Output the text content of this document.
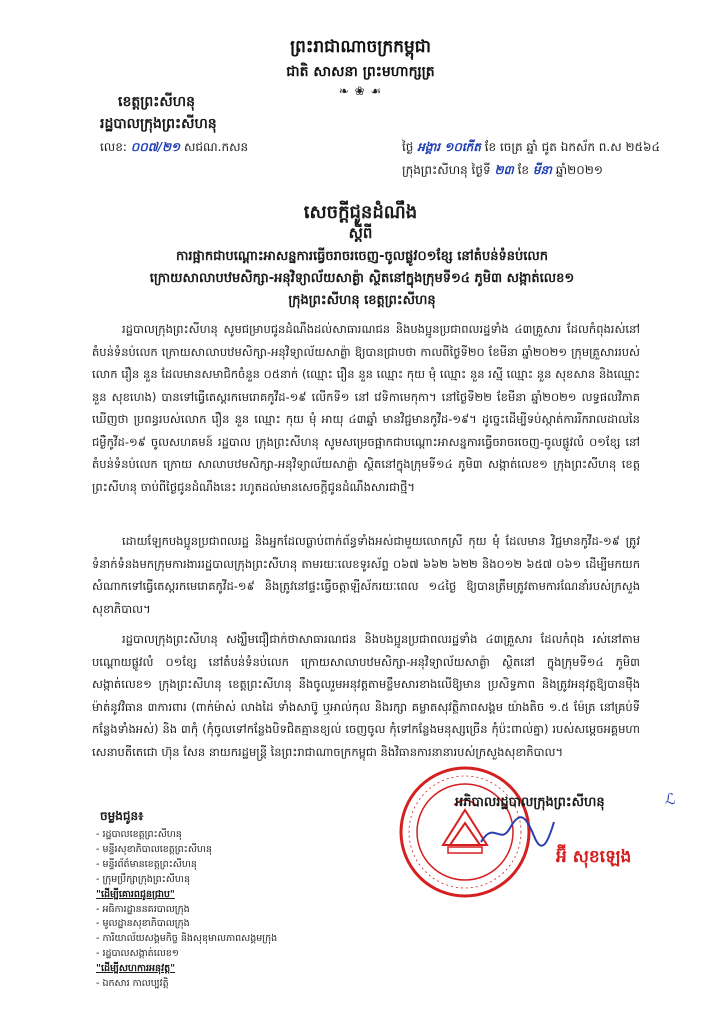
ព្រះរាជាណាចក្រកម្ពុជា
ជាតិ សាសនា ព្រះមហាក្សត្រ
❧ ❀ ☙
ខេត្តព្រះសីហនុ
រដ្ឋបាលក្រុងព្រះសីហនុ
លេខ: ០០៧/២១ សជណ.កសន	ថ្ងៃ អង្គារ ១០កើត ខែ ចេត្រ ឆ្នាំ ជូត ឯកស័ក ព.ស ២៥៦៤
ក្រុងព្រះសីហនុ ថ្ងៃទី ២៣ ខែ មីនា ឆ្នាំ២០២១
សេចក្តីជូនដំណឹង
ស្តីពី
ការផ្អាកជាបណ្តោះអាសន្នការធ្វើចរាចរចេញ-ចូលផ្លូវ០១ខ្សែ នៅតំបន់ទំនប់លេក
ក្រោយសាលាបឋមសិក្សា-អនុវិទ្យាល័យសាគ្ង៉ា ស្ថិតនៅក្នុងក្រុមទី១៤ ភូមិ៣ សង្កាត់លេខ១
ក្រុងព្រះសីហនុ ខេត្តព្រះសីហនុ
រដ្ឋបាលក្រុងព្រះសីហនុ សូមជម្រាបជូនដំណឹងដល់សាធារណជន និងបងប្អូនប្រជាពលរដ្ឋទាំង ៤៣គ្រួសារ ដែលកំពុងរស់នៅតំបន់ទំនប់លេក ក្រោយសាលាបឋមសិក្សា-អនុវិទ្យាល័យសាគ្ង៉ា ឱ្យបានជ្រាបថា កាលពីថ្ងៃទី២០ ខែមីនា ឆ្នាំ២០២១ ក្រុមគ្រួសាររបស់លោក រឿន នួន ដែលមានសមាជិកចំនួន ០៥នាក់ (ឈ្មោះ រឿន នួន ឈ្មោះ កុយ មុំ ឈ្មោះ នួន រស្មី ឈ្មោះ នួន សុខសាន និងឈ្មោះ នួន សុខហេង) បានទៅធ្វើតេស្តរកមេរោគកូវីដ-១៩ លើកទី១ នៅ វេទិកាមេកុកា។ នៅថ្ងៃទី២២ ខែមីនា ឆ្នាំ២០២១ លទ្ធផលវិភាគឃើញថា ប្រពន្ធរបស់លោក រឿន នួន ឈ្មោះ កុយ មុំ អាយុ ៤៣ឆ្នាំ មានវិជ្ជមានកូវីដ-១៩។ ដូច្នេះដើម្បីទប់ស្កាត់ការរីករាលដាលនៃជម្ងឺកូវីដ-១៩ ចូលសហគមន៍ រដ្ឋបាល ក្រុងព្រះសីហនុ សូមសម្រេចផ្អាកជាបណ្តោះអាសន្នការធ្វើចរាចរចេញ-ចូលផ្លូវលំ ០១ខ្សែ នៅតំបន់ទំនប់លេក ក្រោយ សាលាបឋមសិក្សា-អនុវិទ្យាល័យសាគ្ង៉ា ស្ថិតនៅក្នុងក្រុមទី១៤ ភូមិ៣ សង្កាត់លេខ១ ក្រុងព្រះសីហនុ ខេត្តព្រះសីហនុ ចាប់ពីថ្ងៃជូនដំណឹងនេះ រហូតដល់មានសេចក្តីជូនដំណឹងសារជាថ្មី។
ដោយឡែកបងប្អូនប្រជាពលរដ្ឋ និងអ្នកដែលធ្លាប់ពាក់ព័ន្ធទាំងអស់ជាមួយលោកស្រី កុយ មុំ ដែលមាន វិជ្ជមានកូវីដ-១៩ ត្រូវទំនាក់ទំនងមកក្រុមការងាររដ្ឋបាលក្រុងព្រះសីហនុ តាមរយៈលេខទូរស័ព្ទ ០៦៧ ៦៦២ ៦២២ និង០១២ ៦៥៧ ០៦១ ដើម្បីមកយកសំណាកទៅធ្វើតេស្តរកមេរោគកូវីដ-១៩ និងត្រូវនៅផ្ទះធ្វើចត្តាឡីស័ករយៈពេល ១៤ថ្ងៃ ឱ្យបានត្រឹមត្រូវតាមការណែនាំរបស់ក្រសួងសុខាភិបាល។
រដ្ឋបាលក្រុងព្រះសីហនុ សង្ឃឹមជឿជាក់ថាសាធារណជន និងបងប្អូនប្រជាពលរដ្ឋទាំង ៤៣គ្រួសារ ដែលកំពុង រស់នៅតាមបណ្តោយផ្លូវលំ ០១ខ្សែ នៅតំបន់ទំនប់លេក ក្រោយសាលាបឋមសិក្សា-អនុវិទ្យាល័យសាគ្ង៉ា ស្ថិតនៅ ក្នុងក្រុមទី១៤ ភូមិ៣ សង្កាត់លេខ១ ក្រុងព្រះសីហនុ ខេត្តព្រះសីហនុ នឹងចូលរួមអនុវត្តតាមខ្លឹមសារខាងលើឱ្យមាន ប្រសិទ្ធភាព និងត្រូវអនុវត្តឱ្យបានម៉ឺងម៉ាត់នូវវិធាន ៣ការពារ (ពាក់ម៉ាស់ លាងដៃ ទាំងសាប៊ូ ឬអាល់កុល និងរក្សា គម្លាតសុវត្ថិភាពសង្គម យ៉ាងតិច ១.៥ ម៉ែត្រ នៅគ្រប់ទីកន្លែងទាំងអស់) និង ៣កុំ (កុំចូលទៅកន្លែងបិទជិតគ្មានខ្យល់ ចេញចូល កុំទៅកន្លែងមនុស្សច្រើន កុំប៉ះពាល់គ្នា) របស់សម្តេចអគ្គមហាសេនាបតីតេជោ ហ៊ុន សែន នាយករដ្ឋមន្ត្រី នៃព្រះរាជាណាចក្រកម្ពុជា និងវិធានការនានារបស់ក្រសួងសុខាភិបាល។
អភិបាលរដ្ឋបាលក្រុងព្រះសីហនុ	ℒ
អ៊ី សុខឡេង
ចម្លងជូន៖
- រដ្ឋបាលខេត្តព្រះសីហនុ
- មន្ទីរសុខាភិបាលខេត្តព្រះសីហនុ
- មន្ទីរព័ត៌មានខេត្តព្រះសីហនុ
- ក្រុមប្រឹក្សាក្រុងព្រះសីហនុ
"ដើម្បីគោរពជូនជ្រាប"
- អធិការដ្ឋាននគរបាលក្រុង
- មូលដ្ឋានសុខាភិបាលក្រុង
- ការិយាល័យសង្គមកិច្ច និងសុខុមាលភាពសង្គមក្រុង
- រដ្ឋបាលសង្កាត់លេខ១
"ដើម្បីសហការអនុវត្ត"
- ឯកសារ កាលប្បវត្តិ
